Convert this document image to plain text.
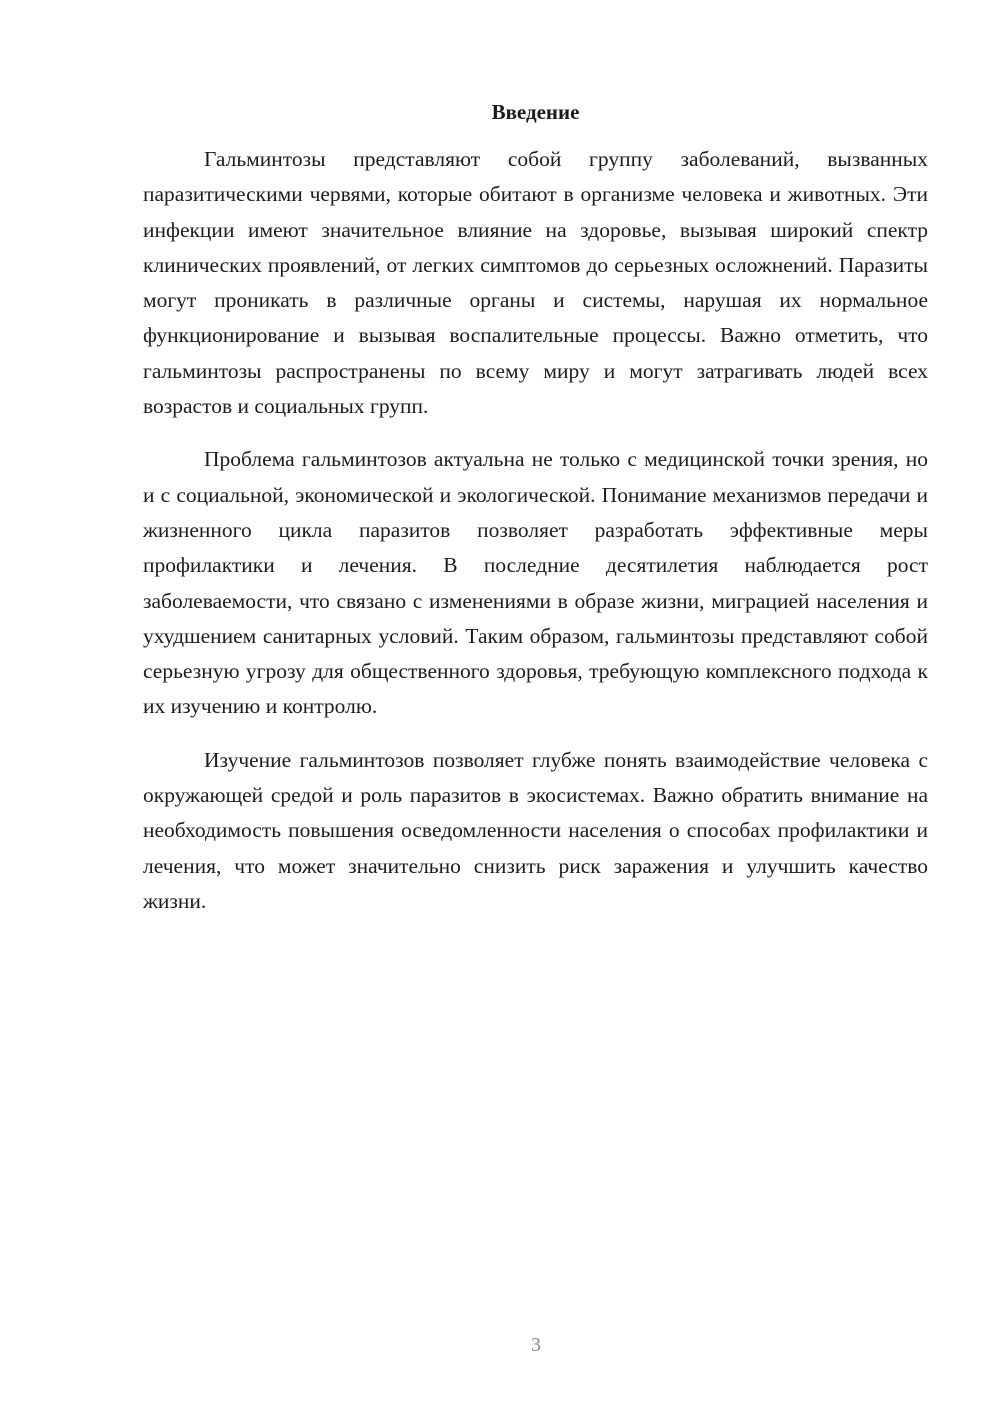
Введение

Гальминтозы представляют собой группу заболеваний, вызванных паразитическими червями, которые обитают в организме человека и животных. Эти инфекции имеют значительное влияние на здоровье, вызывая широкий спектр клинических проявлений, от легких симптомов до серьезных осложнений. Паразиты могут проникать в различные органы и системы, нарушая их нормальное функционирование и вызывая воспалительные процессы. Важно отметить, что гальминтозы распространены по всему миру и могут затрагивать людей всех возрастов и социальных групп.

Проблема гальминтозов актуальна не только с медицинской точки зрения, но и с социальной, экономической и экологической. Понимание механизмов передачи и жизненного цикла паразитов позволяет разработать эффективные меры профилактики и лечения. В последние десятилетия наблюдается рост заболеваемости, что связано с изменениями в образе жизни, миграцией населения и ухудшением санитарных условий. Таким образом, гальминтозы представляют собой серьезную угрозу для общественного здоровья, требующую комплексного подхода к их изучению и контролю.

Изучение гальминтозов позволяет глубже понять взаимодействие человека с окружающей средой и роль паразитов в экосистемах. Важно обратить внимание на необходимость повышения осведомленности населения о способах профилактики и лечения, что может значительно снизить риск заражения и улучшить качество жизни.

3
